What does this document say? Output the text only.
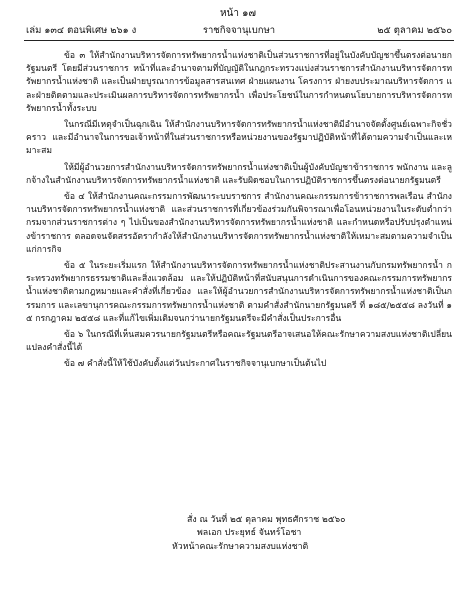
หน้า ๑๗
ราชกิจจานุเบกษา
เล่ม ๑๓๔ ตอนพิเศษ ๒๖๑ ง	๒๕ ตุลาคม ๒๕๖๐

ข้อ ๓ ให้สำนักงานบริหารจัดการทรัพยากรน้ำแห่งชาติเป็นส่วนราชการที่อยู่ในบังคับบัญชาขึ้นตรงต่อนายกรัฐมนตรี โดยมีส่วนราชการ หน้าที่และอำนาจตามที่บัญญัติในกฎกระทรวงแบ่งส่วนราชการสำนักงานบริหารจัดการทรัพยากรน้ำแห่งชาติ และเป็นฝ่ายบูรณาการข้อมูลสารสนเทศ ฝ่ายแผนงาน โครงการ ฝ่ายงบประมาณบริหารจัดการ และฝ่ายติดตามและประเมินผลการบริหารจัดการทรัพยากรน้ำ เพื่อประโยชน์ในการกำหนดนโยบายการบริหารจัดการทรัพยากรน้ำทั้งระบบ

ในกรณีมีเหตุจำเป็นฉุกเฉิน ให้สำนักงานบริหารจัดการทรัพยากรน้ำแห่งชาติมีอำนาจจัดตั้งศูนย์เฉพาะกิจชั่วคราว และมีอำนาจในการขอเจ้าหน้าที่ในส่วนราชการหรือหน่วยงานของรัฐมาปฏิบัติหน้าที่ได้ตามความจำเป็นและเหมาะสม

ให้มีผู้อำนวยการสำนักงานบริหารจัดการทรัพยากรน้ำแห่งชาติเป็นผู้บังคับบัญชาข้าราชการ พนักงาน และลูกจ้างในสำนักงานบริหารจัดการทรัพยากรน้ำแห่งชาติ และรับผิดชอบในการปฏิบัติราชการขึ้นตรงต่อนายกรัฐมนตรี

ข้อ ๔ ให้สำนักงานคณะกรรมการพัฒนาระบบราชการ สำนักงานคณะกรรมการข้าราชการพลเรือน สำนักงานบริหารจัดการทรัพยากรน้ำแห่งชาติ และส่วนราชการที่เกี่ยวข้องร่วมกันพิจารณาเพื่อโอนหน่วยงานในระดับต่ำกว่ากรมจากส่วนราชการต่าง ๆ ไปเป็นของสำนักงานบริหารจัดการทรัพยากรน้ำแห่งชาติ และกำหนดหรือปรับปรุงตำแหน่งข้าราชการ ตลอดจนจัดสรรอัตรากำลังให้สำนักงานบริหารจัดการทรัพยากรน้ำแห่งชาติให้เหมาะสมตามความจำเป็นแก่การกิจ

ข้อ ๕ ในระยะเริ่มแรก ให้สำนักงานบริหารจัดการทรัพยากรน้ำแห่งชาติประสานงานกับกรมทรัพยากรน้ำ กระทรวงทรัพยากรธรรมชาติและสิ่งแวดล้อม และให้ปฏิบัติหน้าที่สนับสนุนการดำเนินการของคณะกรรมการทรัพยากรน้ำแห่งชาติตามกฎหมายและคำสั่งที่เกี่ยวข้อง และให้ผู้อำนวยการสำนักงานบริหารจัดการทรัพยากรน้ำแห่งชาติเป็นกรรมการ และเลขานุการคณะกรรมการทรัพยากรน้ำแห่งชาติ ตามคำสั่งสำนักนายกรัฐมนตรี ที่ ๑๘๕/๒๕๕๘ ลงวันที่ ๑๕ กรกฎาคม ๒๕๕๘ และที่แก้ไขเพิ่มเติมจนกว่านายกรัฐมนตรีจะมีคำสั่งเป็นประการอื่น

ข้อ ๖ ในกรณีที่เห็นสมควรนายกรัฐมนตรีหรือคณะรัฐมนตรีอาจเสนอให้คณะรักษาความสงบแห่งชาติเปลี่ยนแปลงคำสั่งนี้ได้

ข้อ ๗ คำสั่งนี้ให้ใช้บังคับตั้งแต่วันประกาศในราชกิจจานุเบกษาเป็นต้นไป

สั่ง ณ วันที่ ๒๕ ตุลาคม พุทธศักราช ๒๕๖๐
พลเอก ประยุทธ์ จันทร์โอชา
หัวหน้าคณะรักษาความสงบแห่งชาติ
